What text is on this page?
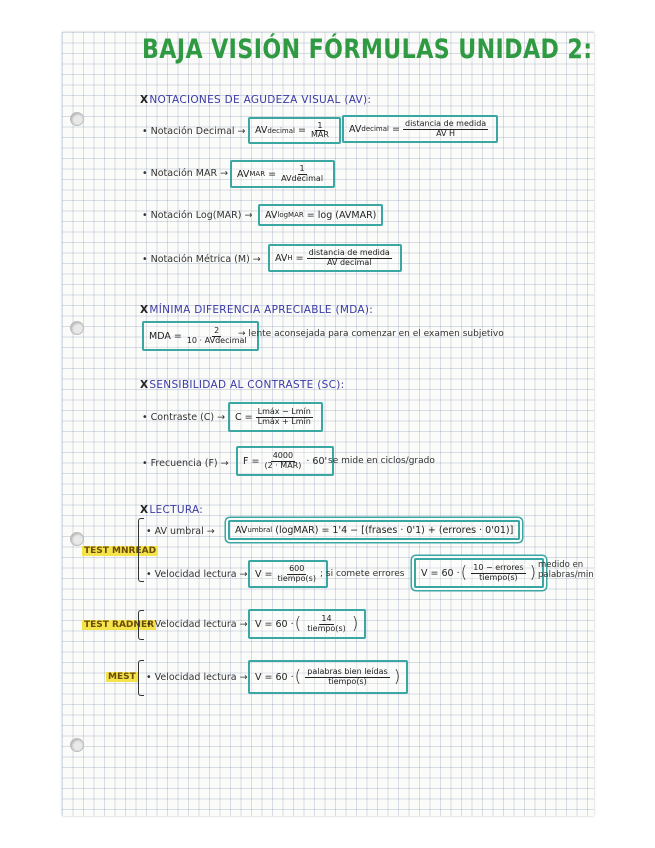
BAJA VISIÓN FÓRMULAS UNIDAD 2:
XNOTACIONES DE AGUDEZA VISUAL (AV):
• Notación Decimal → AV decimal = $\frac{1}{\text{MAR}}$ AV decimal = $\frac{\text{distancia de medida}}{\text{AV H}}$
• Notación MAR → AV MAR = $\frac{1}{\text{AVdecimal}}$
• Notación Log(MAR) → AV logMAR
= log (AVMAR)
• Notación Métrica (M) → AV $H = \frac{\text{distancia de medida}}{\text{AV decimal}}$
XMÍNIMA DIFERENCIA APRECIABLE (MDA):
MDA = $\frac{2}{\text{10 · AVdecimal}}$
→ lente aconsejada para comenzar en el examen subjetivo
XSENSIBILIDAD AL CONTRASTE (SC):
• Contraste $(C) \to C = \frac{\text{Lmáx − Lmín}}{\text{Lmáx + Lmín}}$
• Frecuencia $(F) \to F = \frac{4000}{\text{(2 · MAR)}} \cdot 60'$ se mide en ciclos/grado
XLECTURA:
TEST MNREAD
• AV umbral → AV umbral
(logMAR) = 1'4 − [(frases · 0'1) + (errores · 0'01)]
• Velocidad lectura → $V = \frac{600}{\text{tiempo(s)}}$ ; si comete errores V = 60 · ( $\frac{\text{10 − errores}}{\text{tiempo(s)}}$ ) medido en
palabras/min
TEST RADNER
• Velocidad lectura → V = 60 · ( $\frac{14}{\text{tiempo(s)}}$ )
MEST • Velocidad lectura → V = 60 · ( $\frac{\text{palabras bien leídas}}{\text{tiempo(s)}}$ )
